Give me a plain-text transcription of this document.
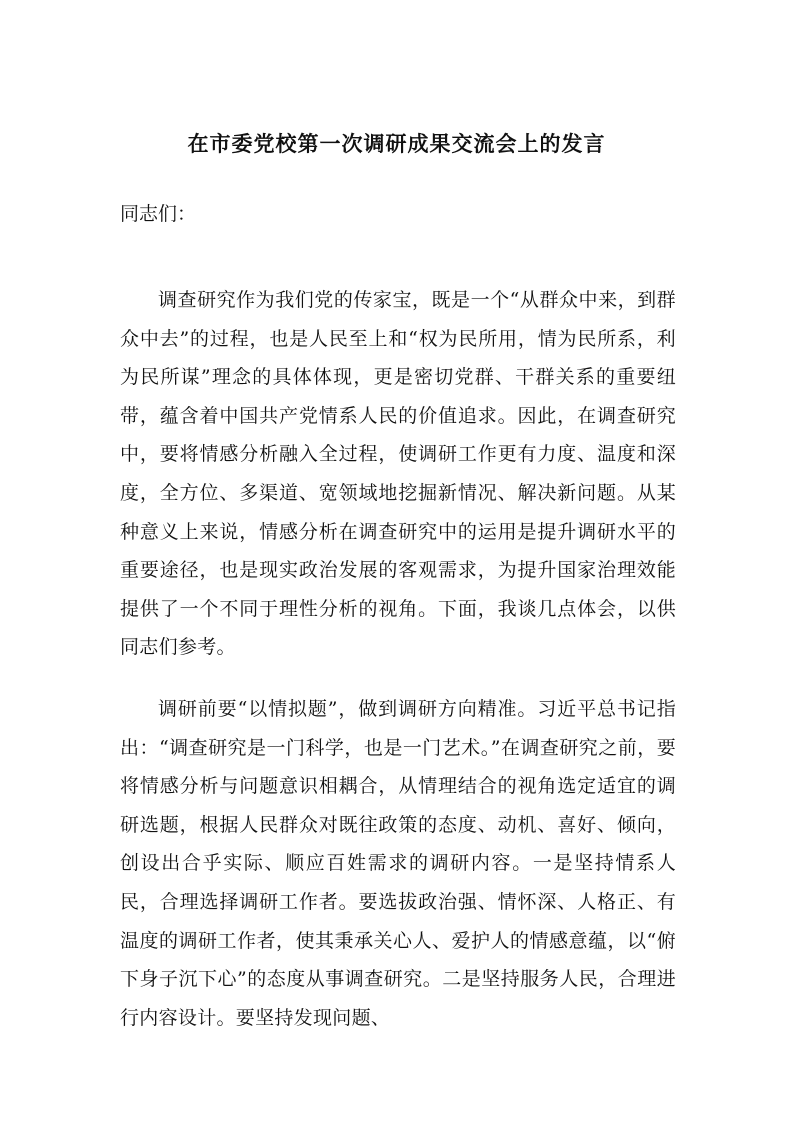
在市委党校第一次调研成果交流会上的发言
同志们：
调查研究作为我们党的传家宝，既是一个“从群众中来，到群众中去”的过程，也是人民至上和“权为民所用，情为民所系，利为民所谋”理念的具体体现，更是密切党群、干群关系的重要纽带，蕴含着中国共产党情系人民的价值追求。因此，在调查研究中，要将情感分析融入全过程，使调研工作更有力度、温度和深度，全方位、多渠道、宽领域地挖掘新情况、解决新问题。从某种意义上来说，情感分析在调查研究中的运用是提升调研水平的重要途径，也是现实政治发展的客观需求，为提升国家治理效能提供了一个不同于理性分析的视角。下面，我谈几点体会，以供同志们参考。
调研前要“以情拟题”，做到调研方向精准。习近平总书记指出：“调查研究是一门科学，也是一门艺术。”在调查研究之前，要将情感分析与问题意识相耦合，从情理结合的视角选定适宜的调研选题，根据人民群众对既往政策的态度、动机、喜好、倾向，创设出合乎实际、顺应百姓需求的调研内容。一是坚持情系人民，合理选择调研工作者。要选拔政治强、情怀深、人格正、有温度的调研工作者，使其秉承关心人、爱护人的情感意蕴，以“俯下身子沉下心”的态度从事调查研究。二是坚持服务人民，合理进行内容设计。要坚持发现问题、
